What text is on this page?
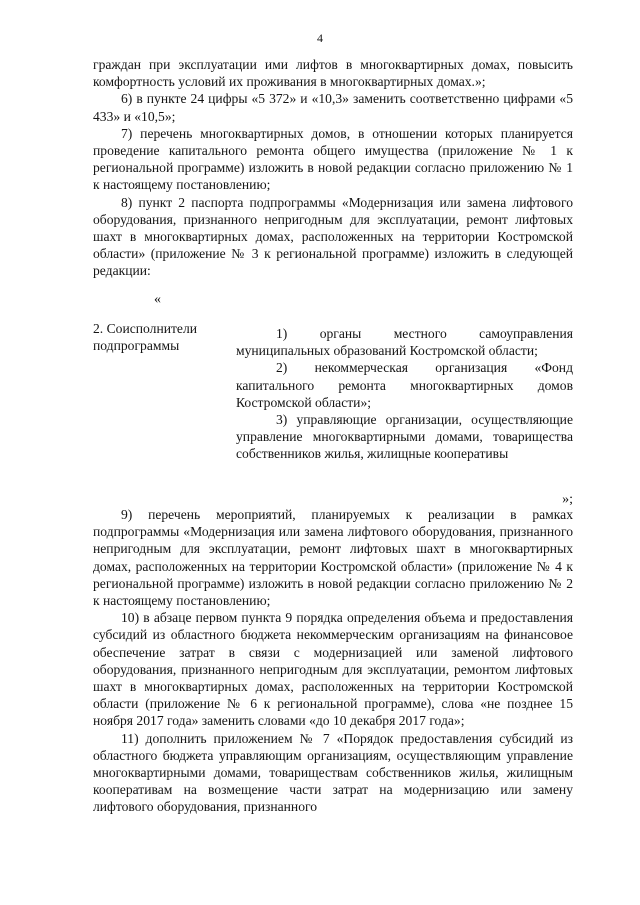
4

граждан при эксплуатации ими лифтов в многоквартирных домах, повысить комфортность условий их проживания в многоквартирных домах.»;

6) в пункте 24 цифры «5 372» и «10,3» заменить соответственно цифрами «5 433» и «10,5»;

7) перечень многоквартирных домов, в отношении которых планируется проведение капитального ремонта общего имущества (приложение № 1 к региональной программе) изложить в новой редакции согласно приложению № 1 к настоящему постановлению;

8) пункт 2 паспорта подпрограммы «Модернизация или замена лифтового оборудования, признанного непригодным для эксплуатации, ремонт лифтовых шахт в многоквартирных домах, расположенных на территории Костромской области» (приложение № 3 к региональной программе) изложить в следующей редакции:

«
2. Соисполнители подпрограммы

1) органы местного самоуправления муниципальных образований Костромской области;

2) некоммерческая организация «Фонд капитального ремонта многоквартирных домов Костромской области»;

3) управляющие организации, осуществляющие управление многоквартирными домами, товарищества собственников жилья, жилищные кооперативы

»;

9) перечень мероприятий, планируемых к реализации в рамках подпрограммы «Модернизация или замена лифтового оборудования, признанного непригодным для эксплуатации, ремонт лифтовых шахт в многоквартирных домах, расположенных на территории Костромской области» (приложение № 4 к региональной программе) изложить в новой редакции согласно приложению № 2 к настоящему постановлению;

10) в абзаце первом пункта 9 порядка определения объема и предоставления субсидий из областного бюджета некоммерческим организациям на финансовое обеспечение затрат в связи с модернизацией или заменой лифтового оборудования, признанного непригодным для эксплуатации, ремонтом лифтовых шахт в многоквартирных домах, расположенных на территории Костромской области (приложение № 6 к региональной программе), слова «не позднее 15 ноября 2017 года» заменить словами «до 10 декабря 2017 года»;

11) дополнить приложением № 7 «Порядок предоставления субсидий из областного бюджета управляющим организациям, осуществляющим управление многоквартирными домами, товариществам собственников жилья, жилищным кооперативам на возмещение части затрат на модернизацию или замену лифтового оборудования, признанного
